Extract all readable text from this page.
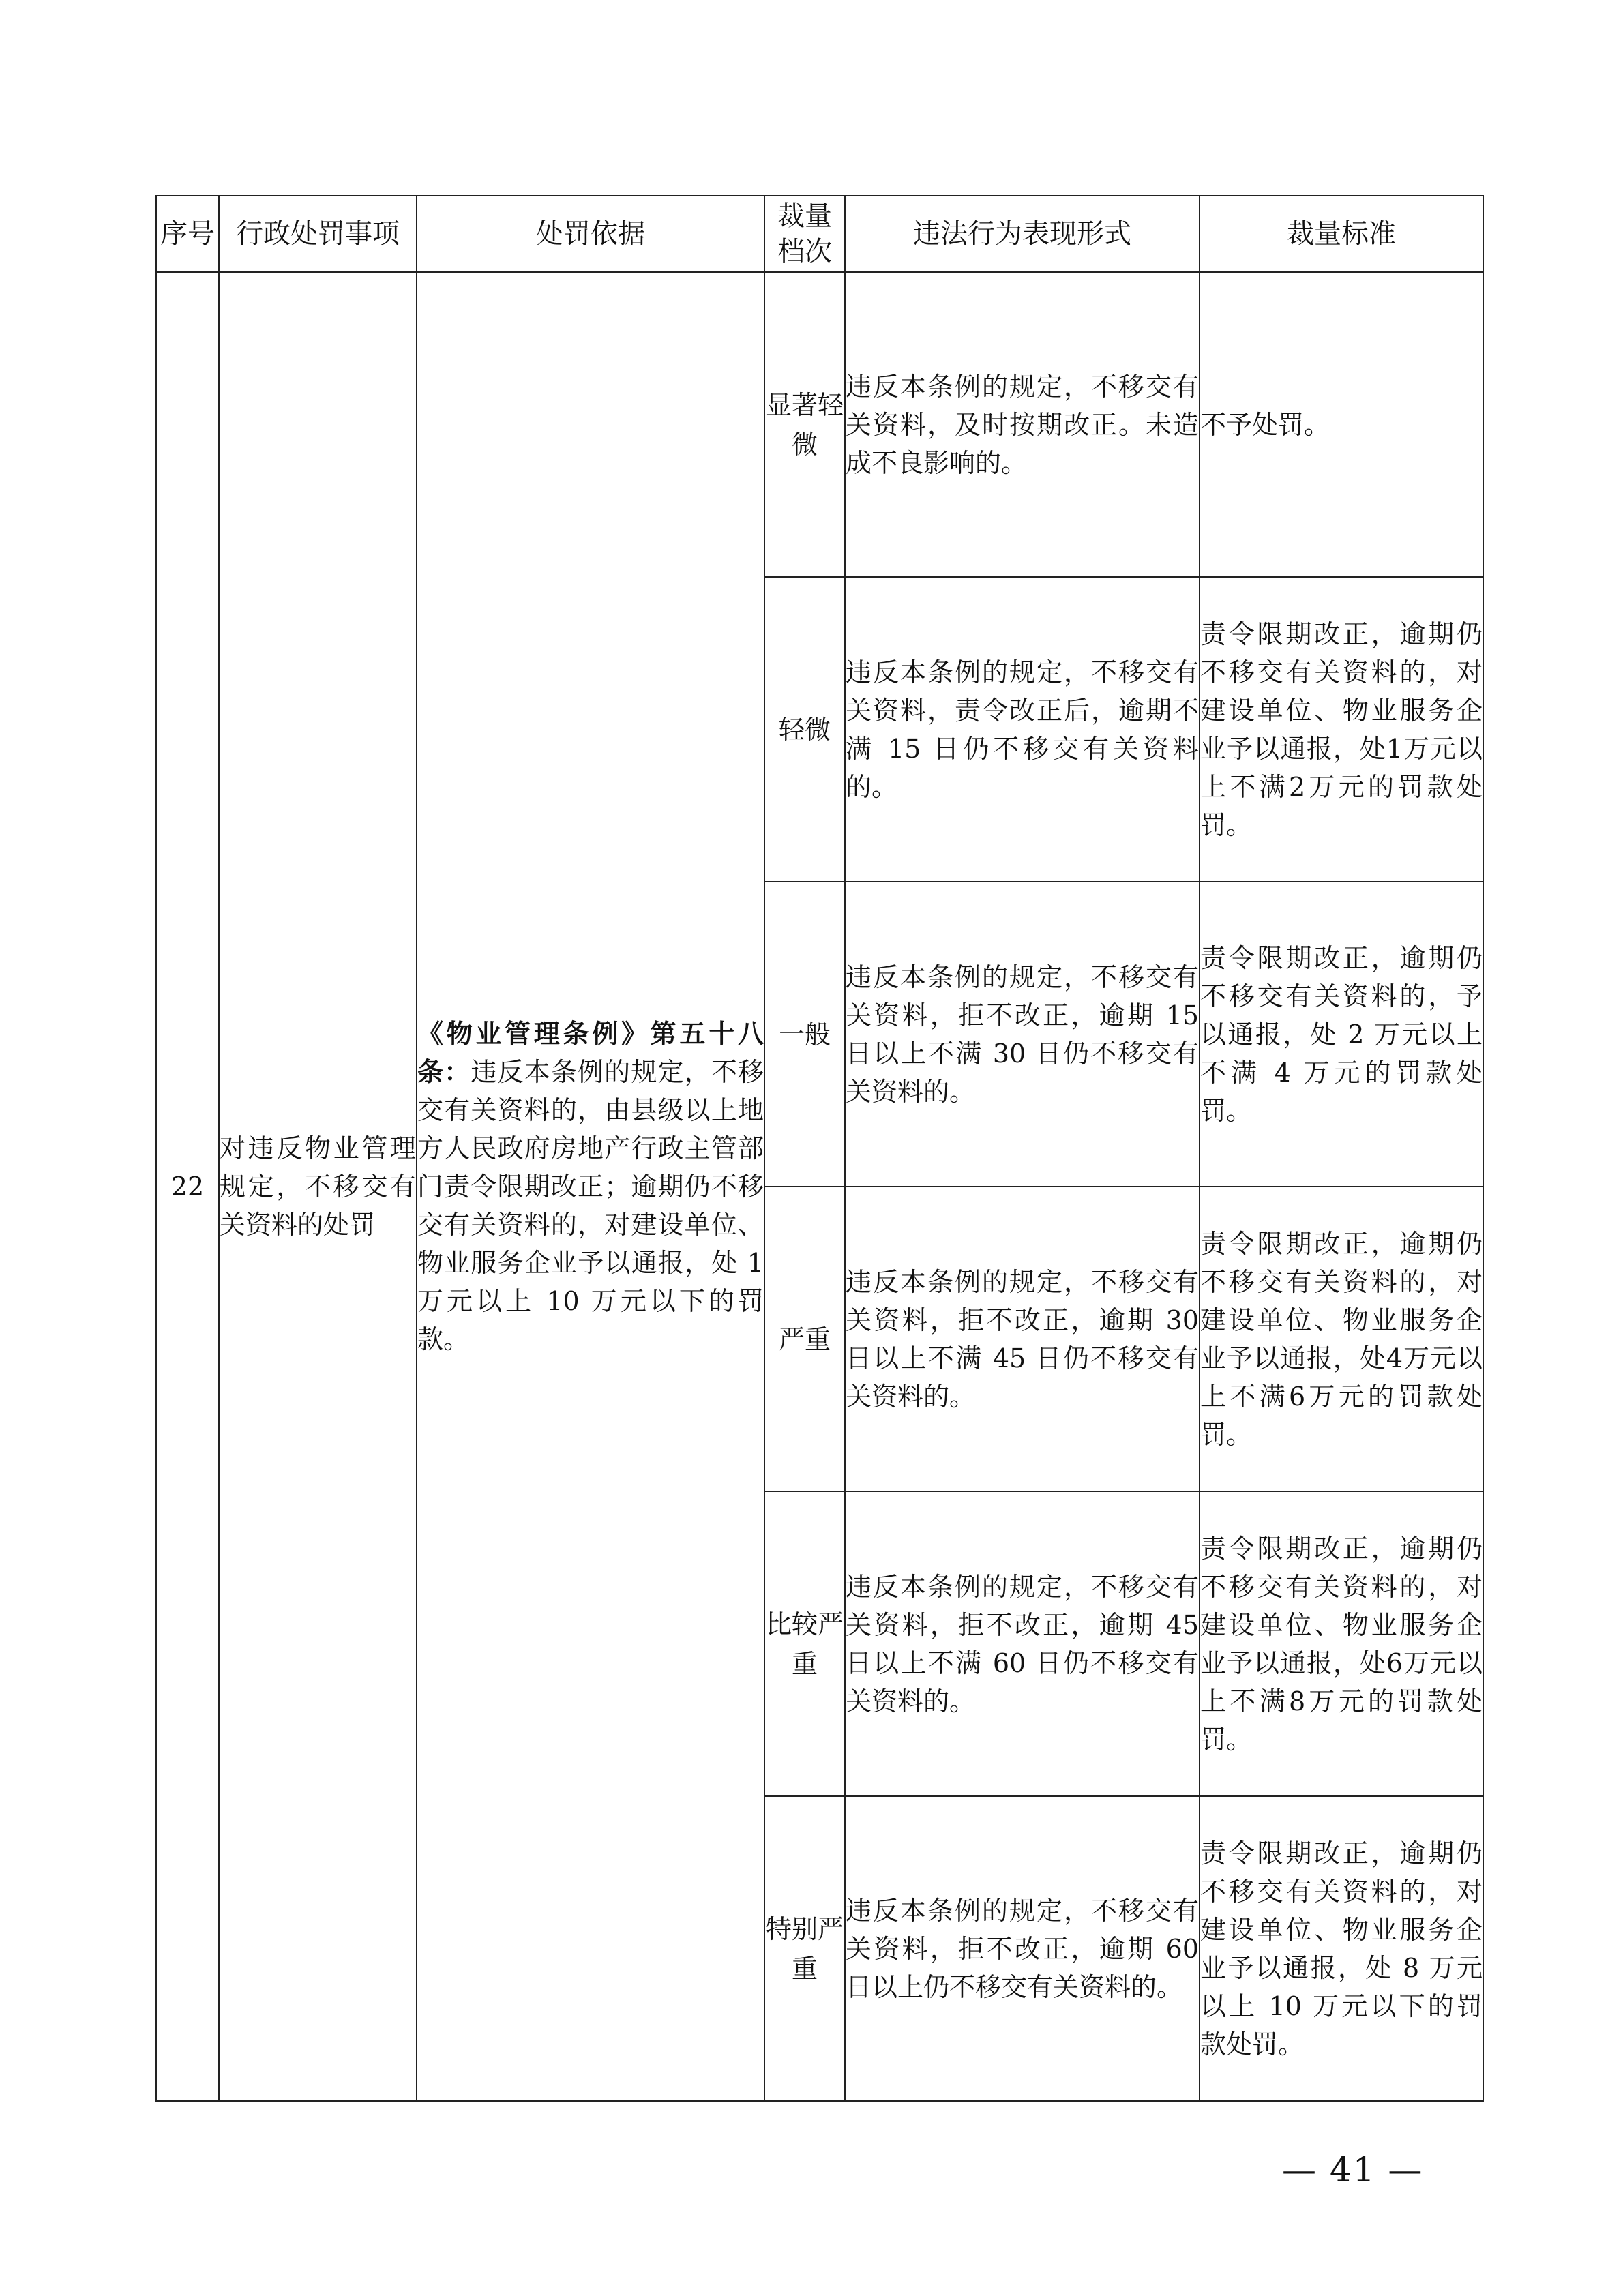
序号	行政处罚事项	处罚依据	裁量档次	违法行为表现形式	裁量标准
22	对违反物业管理规定，不移交有关资料的处罚	《物业管理条例》第五十八条：违反本条例的规定，不移交有关资料的，由县级以上地方人民政府房地产行政主管部门责令限期改正；逾期仍不移交有关资料的，对建设单位、物业服务企业予以通报，处 1 万元以上 10 万元以下的罚款。	显著轻微	违反本条例的规定，不移交有关资料，及时按期改正。未造成不良影响的。	不予处罚。
			轻微	违反本条例的规定，不移交有关资料，责令改正后，逾期不满 15 日仍不移交有关资料的。	责令限期改正，逾期仍不移交有关资料的，对建设单位、物业服务企业予以通报，处1万元以上不满2万元的罚款处罚。
			一般	违反本条例的规定，不移交有关资料，拒不改正，逾期 15 日以上不满 30 日仍不移交有关资料的。	责令限期改正，逾期仍不移交有关资料的，予以通报，处 2 万元以上不满 4 万元的罚款处罚。
			严重	违反本条例的规定，不移交有关资料，拒不改正，逾期 30 日以上不满 45 日仍不移交有关资料的。	责令限期改正，逾期仍不移交有关资料的，对建设单位、物业服务企业予以通报，处4万元以上不满6万元的罚款处罚。
			比较严重	违反本条例的规定，不移交有关资料，拒不改正，逾期 45 日以上不满 60 日仍不移交有关资料的。	责令限期改正，逾期仍不移交有关资料的，对建设单位、物业服务企业予以通报，处6万元以上不满8万元的罚款处罚。
			特别严重	违反本条例的规定，不移交有关资料，拒不改正，逾期 60 日以上仍不移交有关资料的。	责令限期改正，逾期仍不移交有关资料的，对建设单位、物业服务企业予以通报，处 8 万元以上 10 万元以下的罚款处罚。
— 41 —
